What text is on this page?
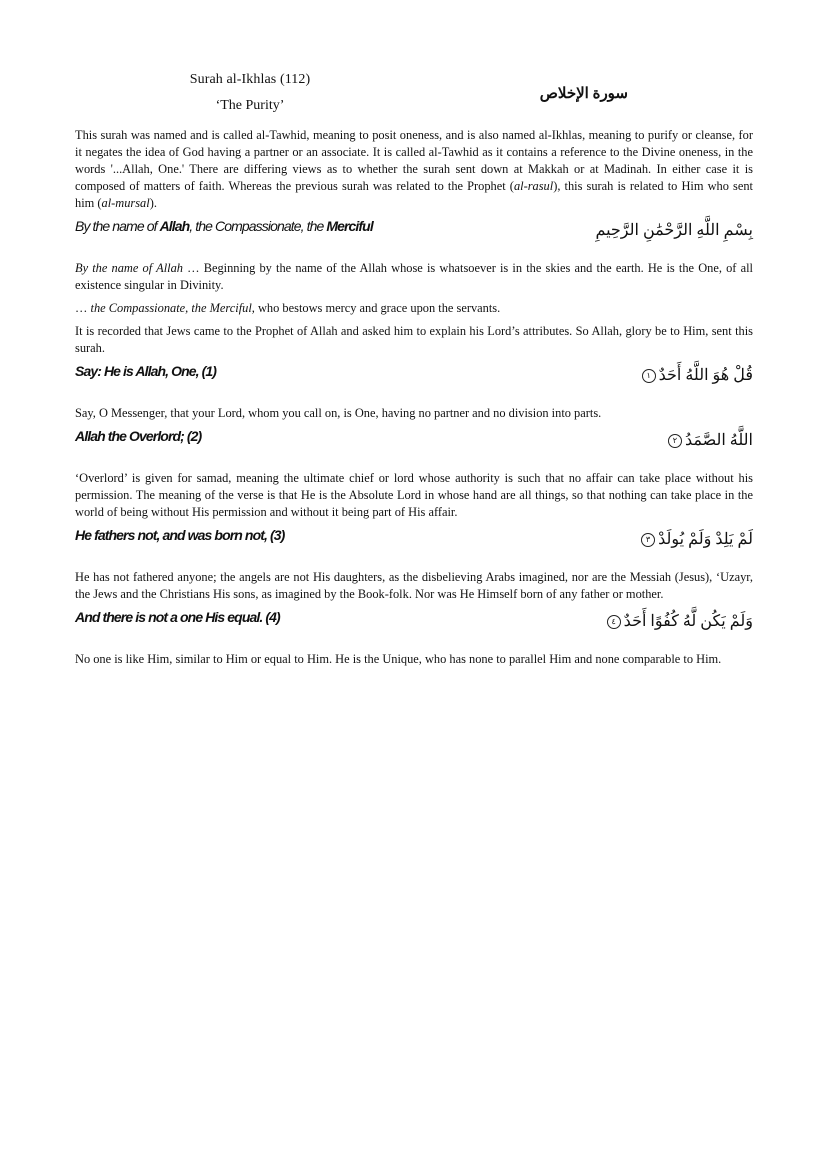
Surah al-Ikhlas (112)
‘The Purity’
سورة الإخلاص

This surah was named and is called al-Tawhid, meaning to posit oneness, and is also named al-Ikhlas, meaning to purify or cleanse, for it negates the idea of God having a partner or an associate. It is called al-Tawhid as it contains a reference to the Divine oneness, in the words '...Allah, One.' There are differing views as to whether the surah sent down at Makkah or at Madinah. In either case it is composed of matters of faith. Whereas the previous surah was related to the Prophet (al-rasul), this surah is related to Him who sent him (al-mursal).

By the name of Allah, the Compassionate, the Merciful	بِسْمِ اللَّهِ الرَّحْمَٰنِ الرَّحِيمِ

By the name of Allah … Beginning by the name of the Allah whose is whatsoever is in the skies and the earth. He is the One, of all existence singular in Divinity.

… the Compassionate, the Merciful, who bestows mercy and grace upon the servants.

It is recorded that Jews came to the Prophet of Allah and asked him to explain his Lord’s attributes. So Allah, glory be to Him, sent this surah.

Say: He is Allah, One, (1)	قُلْ هُوَ اللَّهُ أَحَدٌ١

Say, O Messenger, that your Lord, whom you call on, is One, having no partner and no division into parts.

Allah the Overlord; (2)	اللَّهُ الصَّمَدُ٢

‘Overlord’ is given for samad, meaning the ultimate chief or lord whose authority is such that no affair can take place without his permission. The meaning of the verse is that He is the Absolute Lord in whose hand are all things, so that nothing can take place in the world of being without His permission and without it being part of His affair.

He fathers not, and was born not, (3)	لَمْ يَلِدْ وَلَمْ يُولَدْ٣

He has not fathered anyone; the angels are not His daughters, as the disbelieving Arabs imagined, nor are the Messiah (Jesus), ‘Uzayr, the Jews and the Christians His sons, as imagined by the Book-folk. Nor was He Himself born of any father or mother.

And there is not a one His equal. (4)	وَلَمْ يَكُن لَّهُ كُفُوًا أَحَدٌ٤

No one is like Him, similar to Him or equal to Him. He is the Unique, who has none to parallel Him and none comparable to Him.
